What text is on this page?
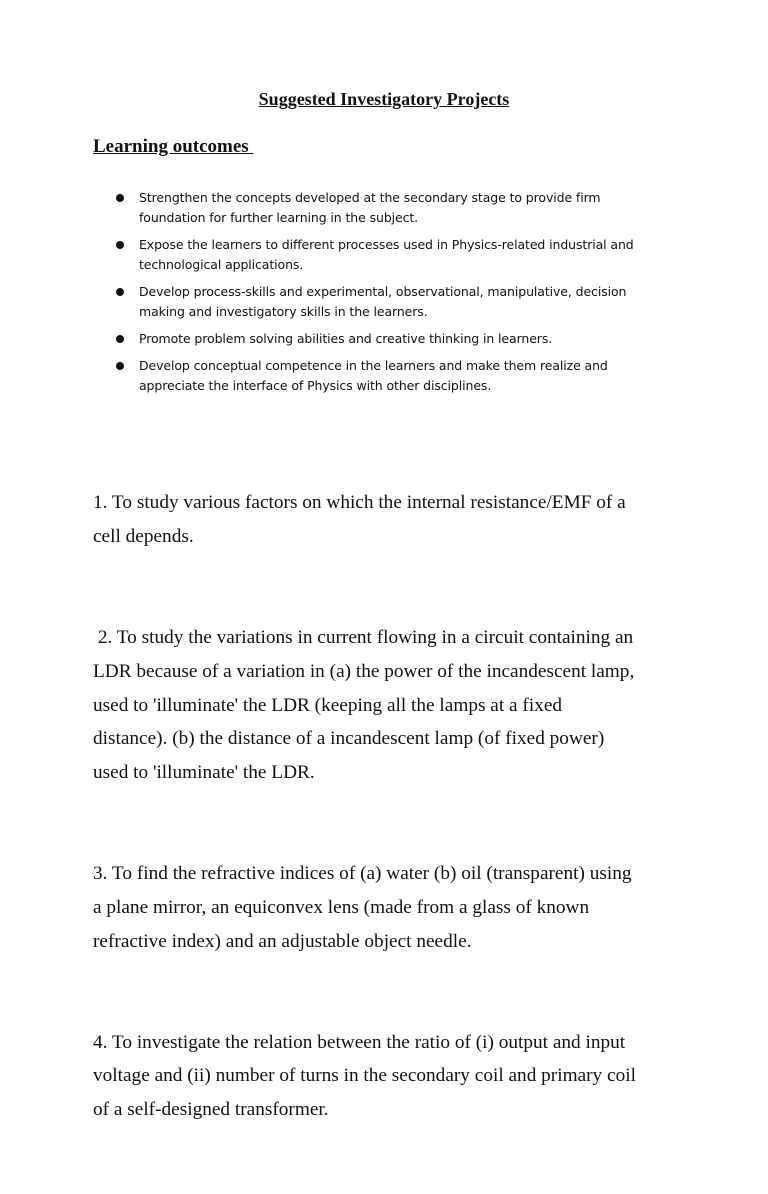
Suggested Investigatory Projects
Learning outcomes
Strengthen the concepts developed at the secondary stage to provide firm
foundation for further learning in the subject.
Expose the learners to different processes used in Physics-related industrial and
technological applications.
Develop process-skills and experimental, observational, manipulative, decision
making and investigatory skills in the learners.
Promote problem solving abilities and creative thinking in learners.
Develop conceptual competence in the learners and make them realize and
appreciate the interface of Physics with other disciplines.

1. To study various factors on which the internal resistance/EMF of a
cell depends.

2. To study the variations in current flowing in a circuit containing an
LDR because of a variation in (a) the power of the incandescent lamp,
used to 'illuminate' the LDR (keeping all the lamps at a fixed
distance). (b) the distance of a incandescent lamp (of fixed power)
used to 'illuminate' the LDR.

3. To find the refractive indices of (a) water (b) oil (transparent) using
a plane mirror, an equiconvex lens (made from a glass of known
refractive index) and an adjustable object needle.

4. To investigate the relation between the ratio of (i) output and input
voltage and (ii) number of turns in the secondary coil and primary coil
of a self-designed transformer.
